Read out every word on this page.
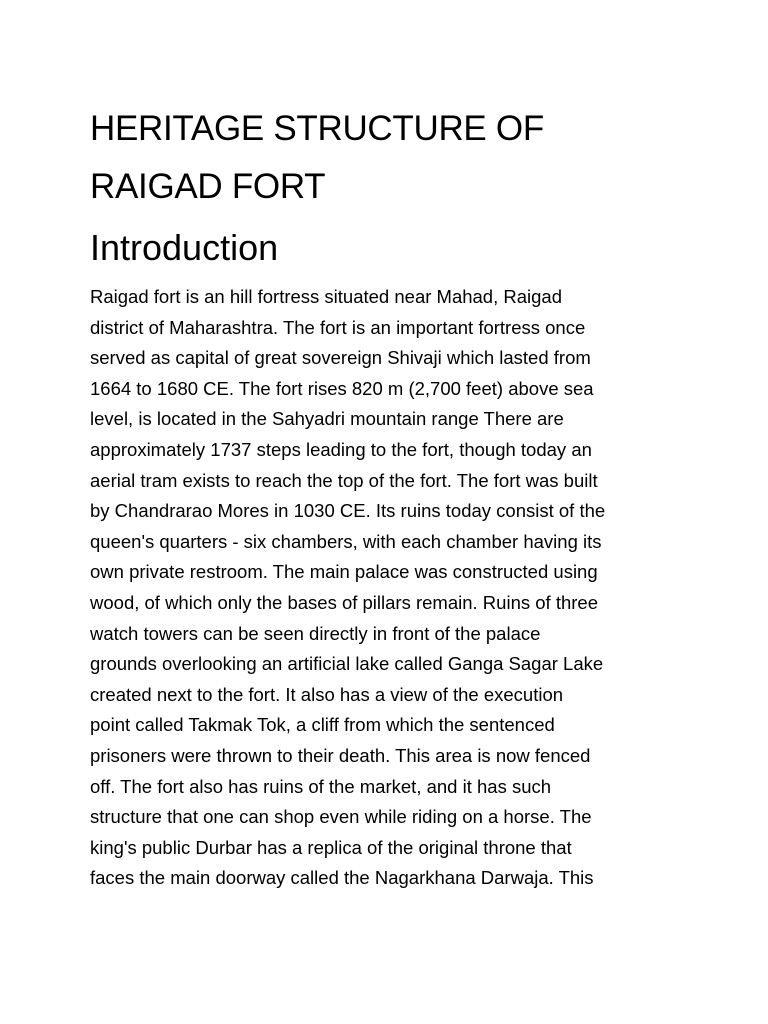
HERITAGE STRUCTURE OF
RAIGAD FORT
Introduction
Raigad fort is an hill fortress situated near Mahad, Raigad
district of Maharashtra. The fort is an important fortress once
served as capital of great sovereign Shivaji which lasted from
1664 to 1680 CE. The fort rises 820 m (2,700 feet) above sea
level, is located in the Sahyadri mountain range There are
approximately 1737 steps leading to the fort, though today an
aerial tram exists to reach the top of the fort. The fort was built
by Chandrarao Mores in 1030 CE. Its ruins today consist of the
queen's quarters - six chambers, with each chamber having its
own private restroom. The main palace was constructed using
wood, of which only the bases of pillars remain. Ruins of three
watch towers can be seen directly in front of the palace
grounds overlooking an artificial lake called Ganga Sagar Lake
created next to the fort. It also has a view of the execution
point called Takmak Tok, a cliff from which the sentenced
prisoners were thrown to their death. This area is now fenced
off. The fort also has ruins of the market, and it has such
structure that one can shop even while riding on a horse. The
king's public Durbar has a replica of the original throne that
faces the main doorway called the Nagarkhana Darwaja. This
